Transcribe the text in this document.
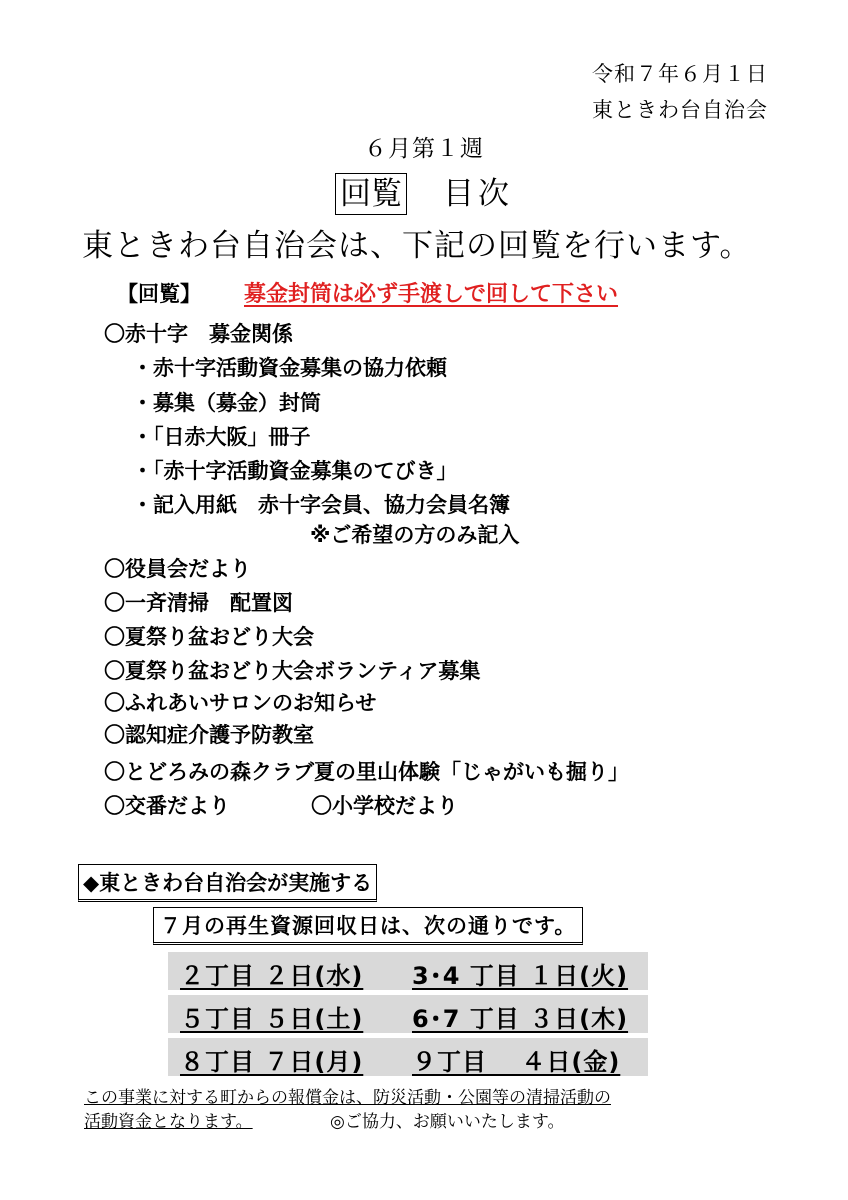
令和７年６月１日
東ときわ台自治会
６月第１週
回覧 目次
東ときわ台自治会は、下記の回覧を行います。
【回覧】 募金封筒は必ず手渡しで回して下さい
〇赤十字　募金関係
・赤十字活動資金募集の協力依頼
・募集（募金）封筒
・「日赤大阪」冊子
・「赤十字活動資金募集のてびき」
・記入用紙　赤十字会員、協力会員名簿
※ご希望の方のみ記入
〇役員会だより
〇一斉清掃　配置図
〇夏祭り盆おどり大会
〇夏祭り盆おどり大会ボランティア募集
〇ふれあいサロンのお知らせ
〇認知症介護予防教室
〇とどろみの森クラブ夏の里山体験「じゃがいも掘り」
〇交番だより	〇小学校だより
◆東ときわ台自治会が実施する
７月の再生資源回収日は、次の通りです。
２丁目 ２日(水) 3･4 丁目 １日(火)
５丁目 ５日(土) 6･7 丁目 ３日(木)
８丁目 ７日(月) ９丁目　 ４日(金)
この事業に対する町からの報償金は、防災活動・公園等の清掃活動の
活動資金となります。	◎ご協力、お願いいたします。
